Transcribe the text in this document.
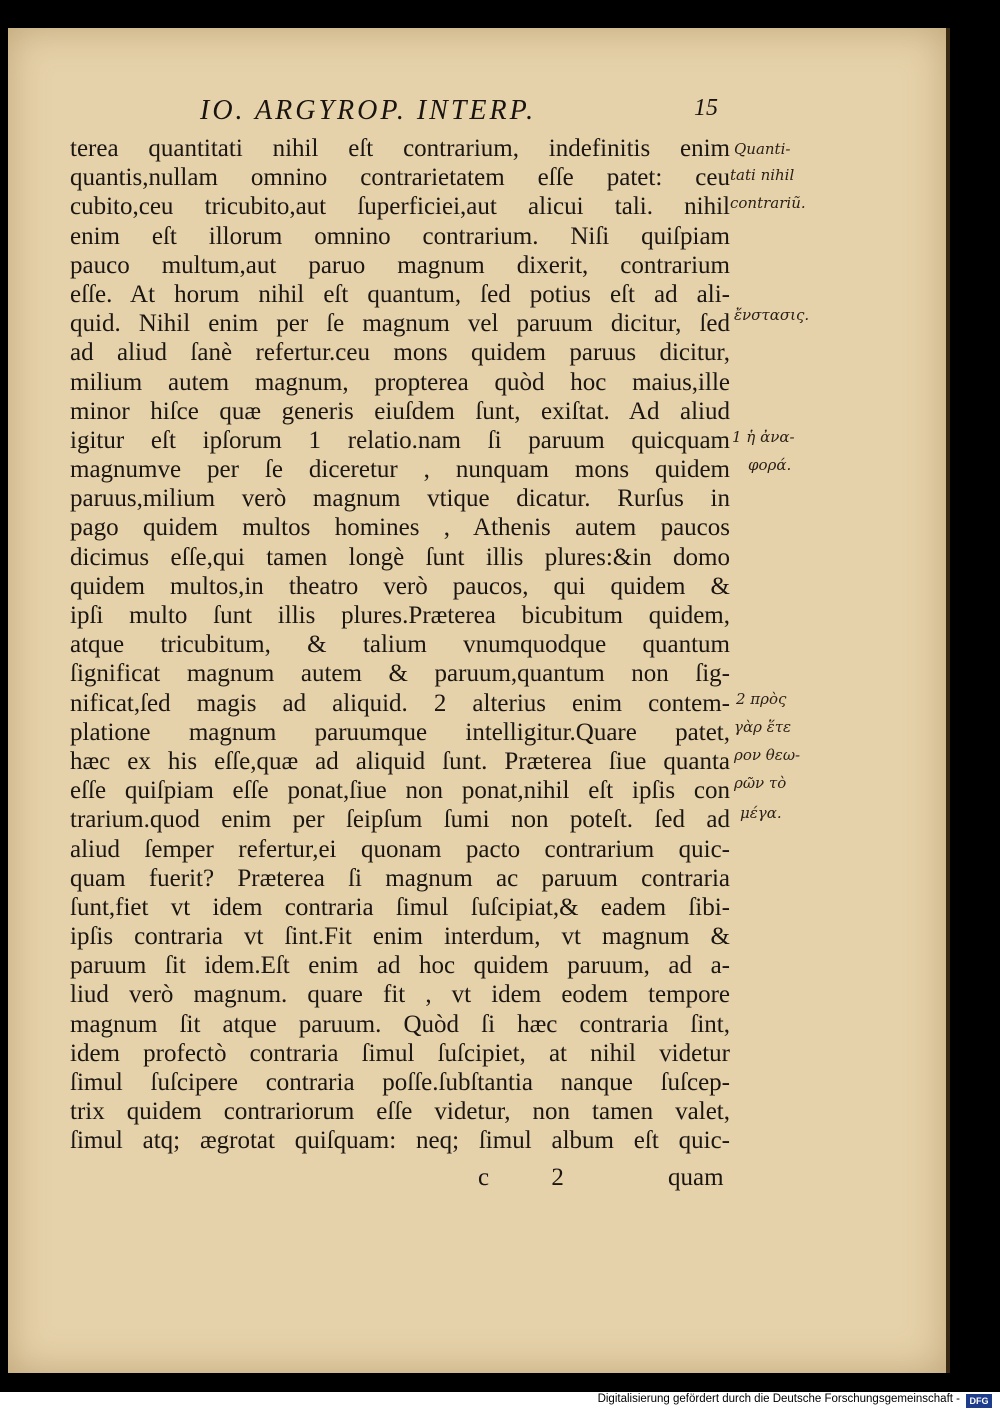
IO. ARGYROP. INTERP.	15
terea quantitati nihil eſt contrarium, indefinitis enim
quantis,nullam omnino contrarietatem eſſe patet: ceu
cubito,ceu tricubito,aut ſuperficiei,aut alicui tali. nihil
enim eſt illorum omnino contrarium. Niſi quiſpiam
pauco multum,aut paruo magnum dixerit, contrarium
eſſe. At horum nihil eſt quantum, ſed potius eſt ad ali-
quid. Nihil enim per ſe magnum vel paruum dicitur, ſed
ad aliud ſanè refertur.ceu mons quidem paruus dicitur,
milium autem magnum, propterea quòd hoc maius,ille
minor hiſce quæ generis eiuſdem ſunt, exiſtat. Ad aliud
igitur eſt ipſorum 1 relatio.nam ſi paruum quicquam
magnumve per ſe diceretur , nunquam mons quidem
paruus,milium verò magnum vtique dicatur. Rurſus in
pago quidem multos homines , Athenis autem paucos
dicimus eſſe,qui tamen longè ſunt illis plures:&in domo
quidem multos,in theatro verò paucos, qui quidem &
ipſi multo ſunt illis plures.Præterea bicubitum quidem,
atque tricubitum, & talium vnumquodque quantum
ſignificat magnum autem & paruum,quantum non ſig-
nificat,ſed magis ad aliquid. 2 alterius enim contem-
platione magnum paruumque intelligitur.Quare patet,
hæc ex his eſſe,quæ ad aliquid ſunt. Præterea ſiue quanta
eſſe quiſpiam eſſe ponat,ſiue non ponat,nihil eſt ipſis con
trarium.quod enim per ſeipſum ſumi non poteſt. ſed ad
aliud ſemper refertur,ei quonam pacto contrarium quic-
quam fuerit? Præterea ſi magnum ac paruum contraria
ſunt,fiet vt idem contraria ſimul ſuſcipiat,& eadem ſibi-
ipſis contraria vt ſint.Fit enim interdum, vt magnum &
paruum ſit idem.Eſt enim ad hoc quidem paruum, ad a-
liud verò magnum. quare fit , vt idem eodem tempore
magnum ſit atque paruum. Quòd ſi hæc contraria ſint,
idem profectò contraria ſimul ſuſcipiet, at nihil videtur
ſimul ſuſcipere contraria poſſe.ſubſtantia nanque ſuſcep-
trix quidem contrariorum eſſe videtur, non tamen valet,
ſimul atq; ægrotat quiſquam: neq; ſimul album eſt quic-
Quanti-
tati nihil
contrariũ.
ἔνστασις.
1 ἡ ἀνα-
φορά.
2 πρὸς
γὰρ ἕτε
ρον θεω-
ρῶν τὸ
μέγα.
c 2	quam
Digitalisierung gefördert durch die Deutsche Forschungsgemeinschaft -	DFG
